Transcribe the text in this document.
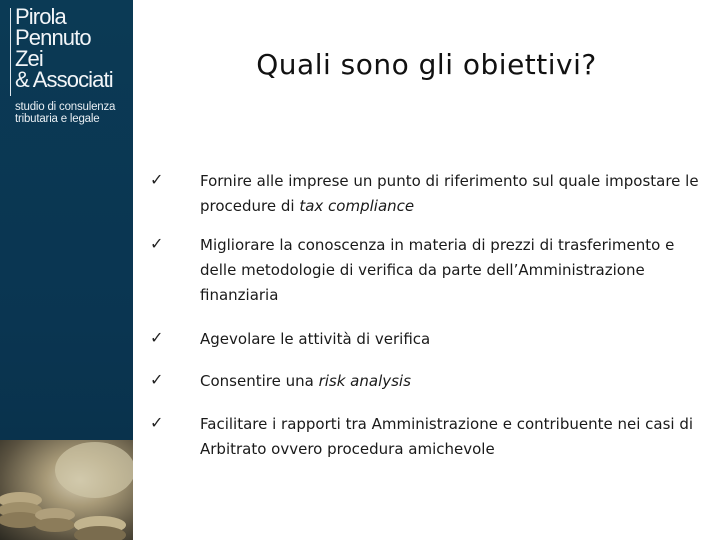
Pirola
Pennuto
Zei
& Associati
studio di consulenza
tributaria e legale
Quali sono gli obiettivi?
✓ Fornire alle imprese un punto di riferimento sul quale impostare le procedure di tax compliance
✓ Migliorare la conoscenza in materia di prezzi di trasferimento e delle metodologie di verifica da parte dell’Amministrazione finanziaria
✓ Agevolare le attività di verifica
✓ Consentire una risk analysis
✓ Facilitare i rapporti tra Amministrazione e contribuente nei casi di Arbitrato ovvero procedura amichevole
